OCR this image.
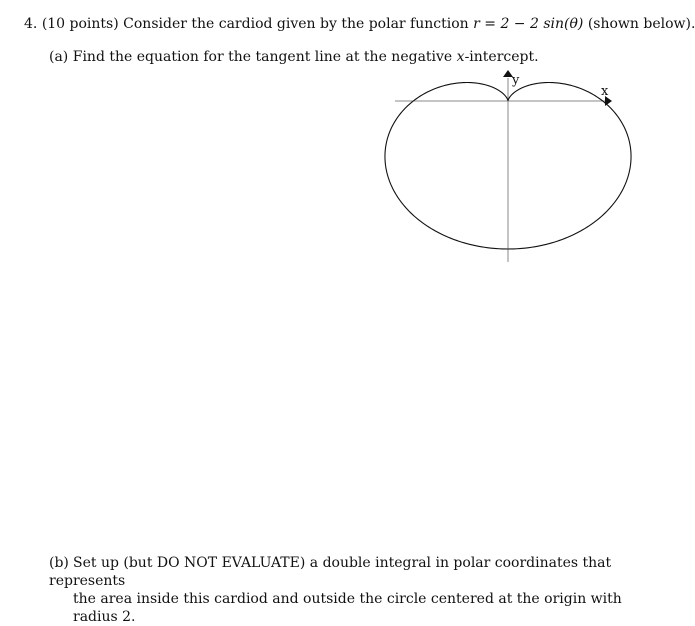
4. (10 points) Consider the cardiod given by the polar function r = 2 − 2 sin(θ) (shown below).
(a) Find the equation for the tangent line at the negative x-intercept.
x
y
(b) Set up (but DO NOT EVALUATE) a double integral in polar coordinates that represents
the area inside this cardiod and outside the circle centered at the origin with radius 2.
